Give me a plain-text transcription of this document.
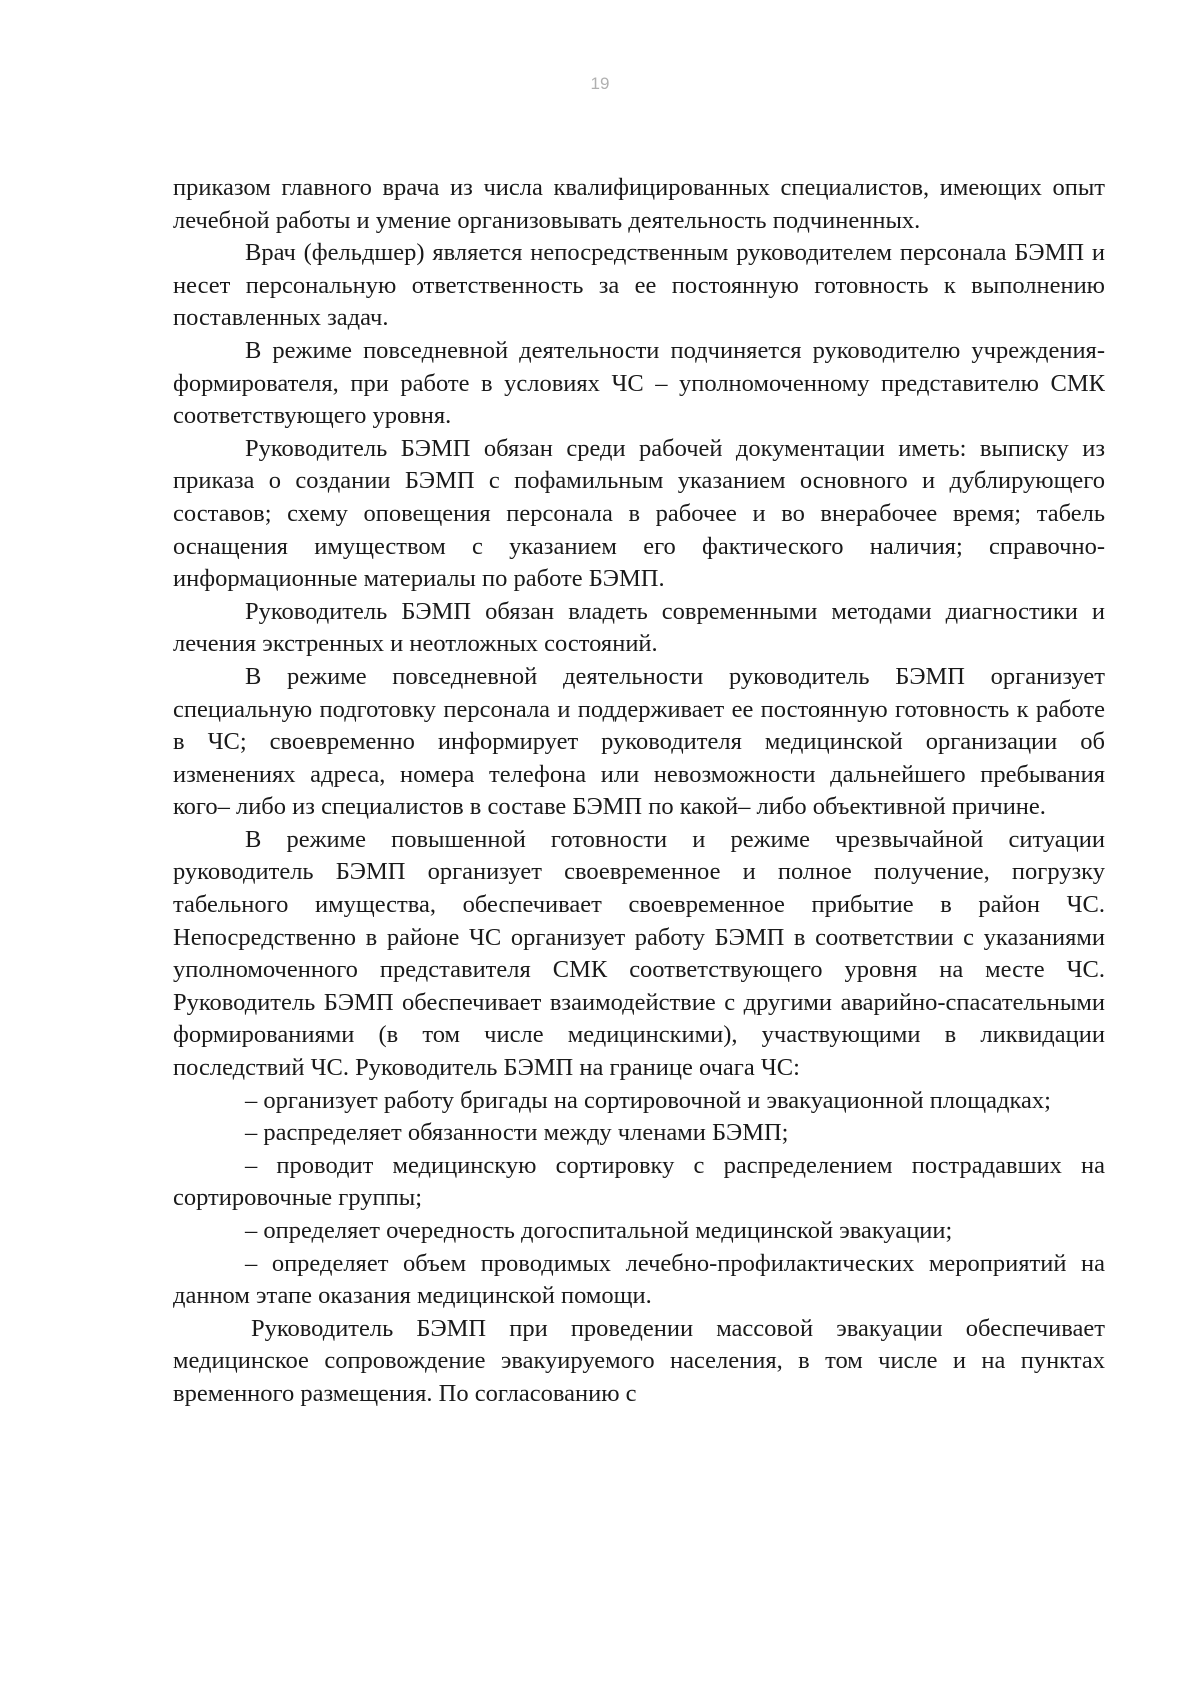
19

приказом главного врача из числа квалифицированных специалистов, имеющих опыт лечебной работы и умение организовывать деятельность подчиненных.

Врач (фельдшер) является непосредственным руководителем персонала БЭМП и несет персональную ответственность за ее постоянную готовность к выполнению поставленных задач.

В режиме повседневной деятельности подчиняется руководителю учреждения-формирователя, при работе в условиях ЧС – уполномоченному представителю СМК соответствующего уровня.

Руководитель БЭМП обязан среди рабочей документации иметь: выписку из приказа о создании БЭМП с пофамильным указанием основного и дублирующего составов; схему оповещения персонала в рабочее и во внерабочее время; табель оснащения имуществом с указанием его фактического наличия; справочно-информационные материалы по работе БЭМП.

Руководитель БЭМП обязан владеть современными методами диагностики и лечения экстренных и неотложных состояний.

В режиме повседневной деятельности руководитель БЭМП организует специальную подготовку персонала и поддерживает ее постоянную готовность к работе в ЧС; своевременно информирует руководителя медицинской организации об изменениях адреса, номера телефона или невозможности дальнейшего пребывания кого– либо из специалистов в составе БЭМП по какой– либо объективной причине.

В режиме повышенной готовности и режиме чрезвычайной ситуации руководитель БЭМП организует своевременное и полное получение, погрузку табельного имущества, обеспечивает своевременное прибытие в район ЧС. Непосредственно в районе ЧС организует работу БЭМП в соответствии с указаниями уполномоченного представителя СМК соответствующего уровня на месте ЧС. Руководитель БЭМП обеспечивает взаимодействие с другими аварийно-спасательными формированиями (в том числе медицинскими), участвующими в ликвидации последствий ЧС. Руководитель БЭМП на границе очага ЧС:

– организует работу бригады на сортировочной и эвакуационной площадках;

– распределяет обязанности между членами БЭМП;

– проводит медицинскую сортировку с распределением пострадавших на сортировочные группы;

– определяет очередность догоспитальной медицинской эвакуации;

– определяет объем проводимых лечебно-профилактических мероприятий на данном этапе оказания медицинской помощи.

Руководитель БЭМП при проведении массовой эвакуации обеспечивает медицинское сопровождение эвакуируемого населения, в том числе и на пунктах временного размещения. По согласованию с
